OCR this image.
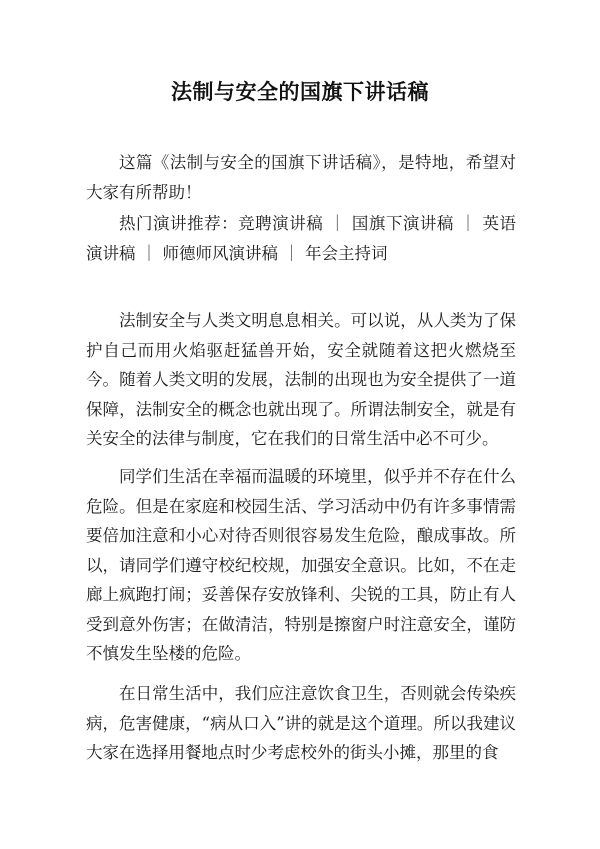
法制与安全的国旗下讲话稿

这篇《法制与安全的国旗下讲话稿》，是特地，希望对大家有所帮助！

热门演讲推荐：竞聘演讲稿 ｜ 国旗下演讲稿 ｜ 英语演讲稿 ｜ 师德师风演讲稿 ｜ 年会主持词

法制安全与人类文明息息相关。可以说，从人类为了保护自己而用火焰驱赶猛兽开始，安全就随着这把火燃烧至今。随着人类文明的发展，法制的出现也为安全提供了一道保障，法制安全的概念也就出现了。所谓法制安全，就是有关安全的法律与制度，它在我们的日常生活中必不可少。

同学们生活在幸福而温暖的环境里，似乎并不存在什么危险。但是在家庭和校园生活、学习活动中仍有许多事情需要倍加注意和小心对待否则很容易发生危险，酿成事故。所以，请同学们遵守校纪校规，加强安全意识。比如，不在走廊上疯跑打闹；妥善保存安放锋利、尖锐的工具，防止有人受到意外伤害；在做清洁，特别是擦窗户时注意安全，谨防不慎发生坠楼的危险。

在日常生活中，我们应注意饮食卫生，否则就会传染疾病，危害健康，“病从口入”讲的就是这个道理。所以我建议大家在选择用餐地点时少考虑校外的街头小摊，那里的食
